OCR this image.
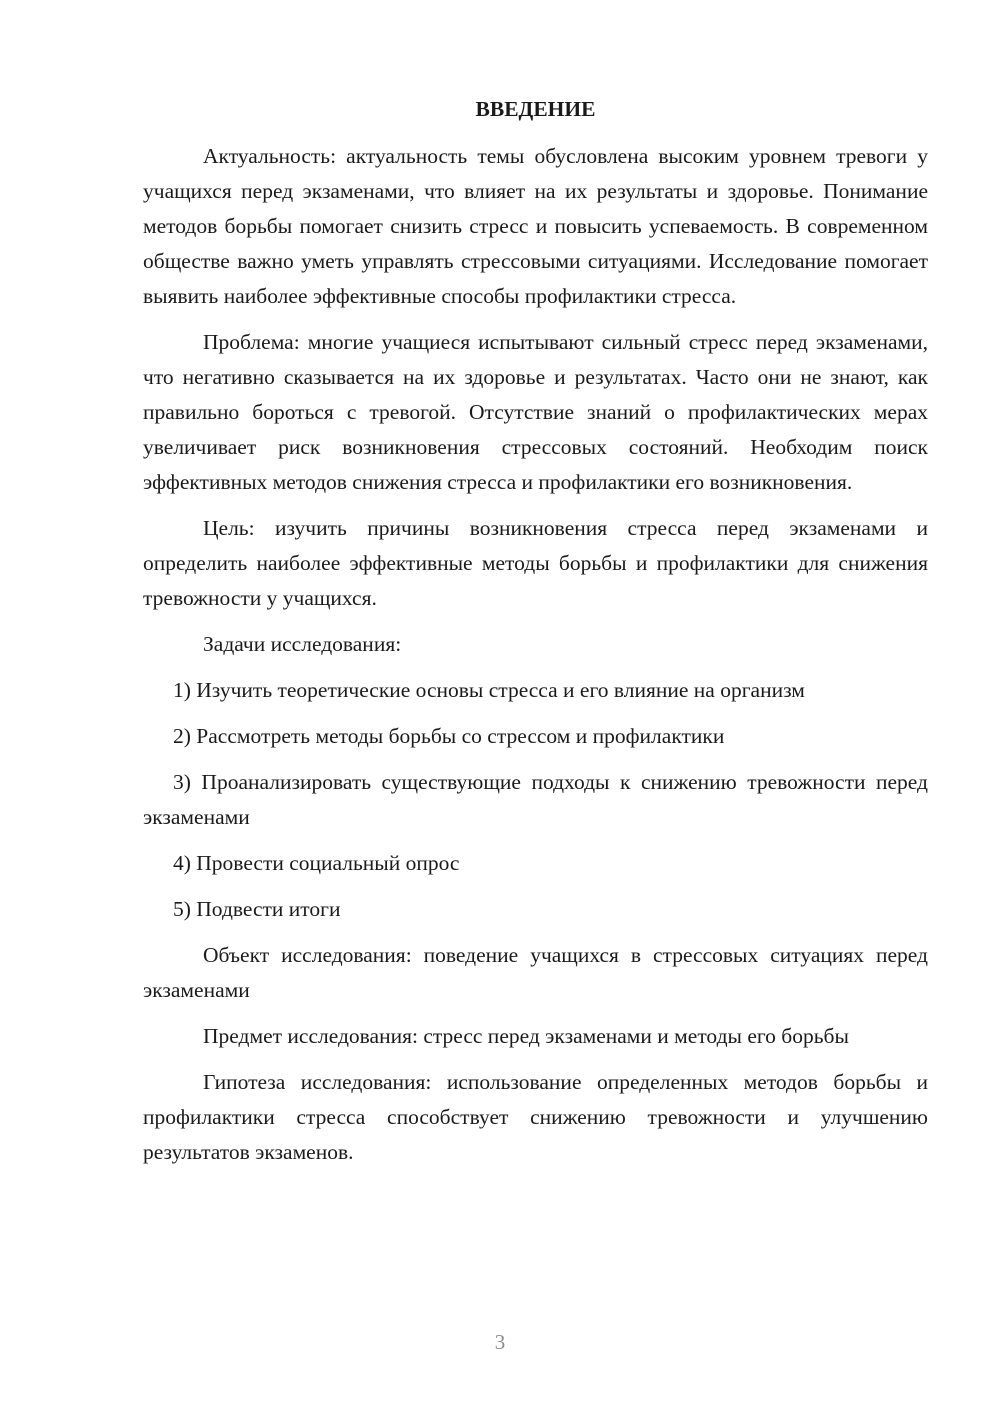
ВВЕДЕНИЕ

Актуальность: актуальность темы обусловлена высоким уровнем тревоги у учащихся перед экзаменами, что влияет на их результаты и здоровье. Понимание методов борьбы помогает снизить стресс и повысить успеваемость. В современном обществе важно уметь управлять стрессовыми ситуациями. Исследование помогает выявить наиболее эффективные способы профилактики стресса.

Проблема: многие учащиеся испытывают сильный стресс перед экзаменами, что негативно сказывается на их здоровье и результатах. Часто они не знают, как правильно бороться с тревогой. Отсутствие знаний о профилактических мерах увеличивает риск возникновения стрессовых состояний. Необходим поиск эффективных методов снижения стресса и профилактики его возникновения.

Цель: изучить причины возникновения стресса перед экзаменами и определить наиболее эффективные методы борьбы и профилактики для снижения тревожности у учащихся.

Задачи исследования:

1) Изучить теоретические основы стресса и его влияние на организм

2) Рассмотреть методы борьбы со стрессом и профилактики

3) Проанализировать существующие подходы к снижению тревожности перед экзаменами

4) Провести социальный опрос

5) Подвести итоги

Объект исследования: поведение учащихся в стрессовых ситуациях перед экзаменами

Предмет исследования: стресс перед экзаменами и методы его борьбы

Гипотеза исследования: использование определенных методов борьбы и профилактики стресса способствует снижению тревожности и улучшению результатов экзаменов.

3
